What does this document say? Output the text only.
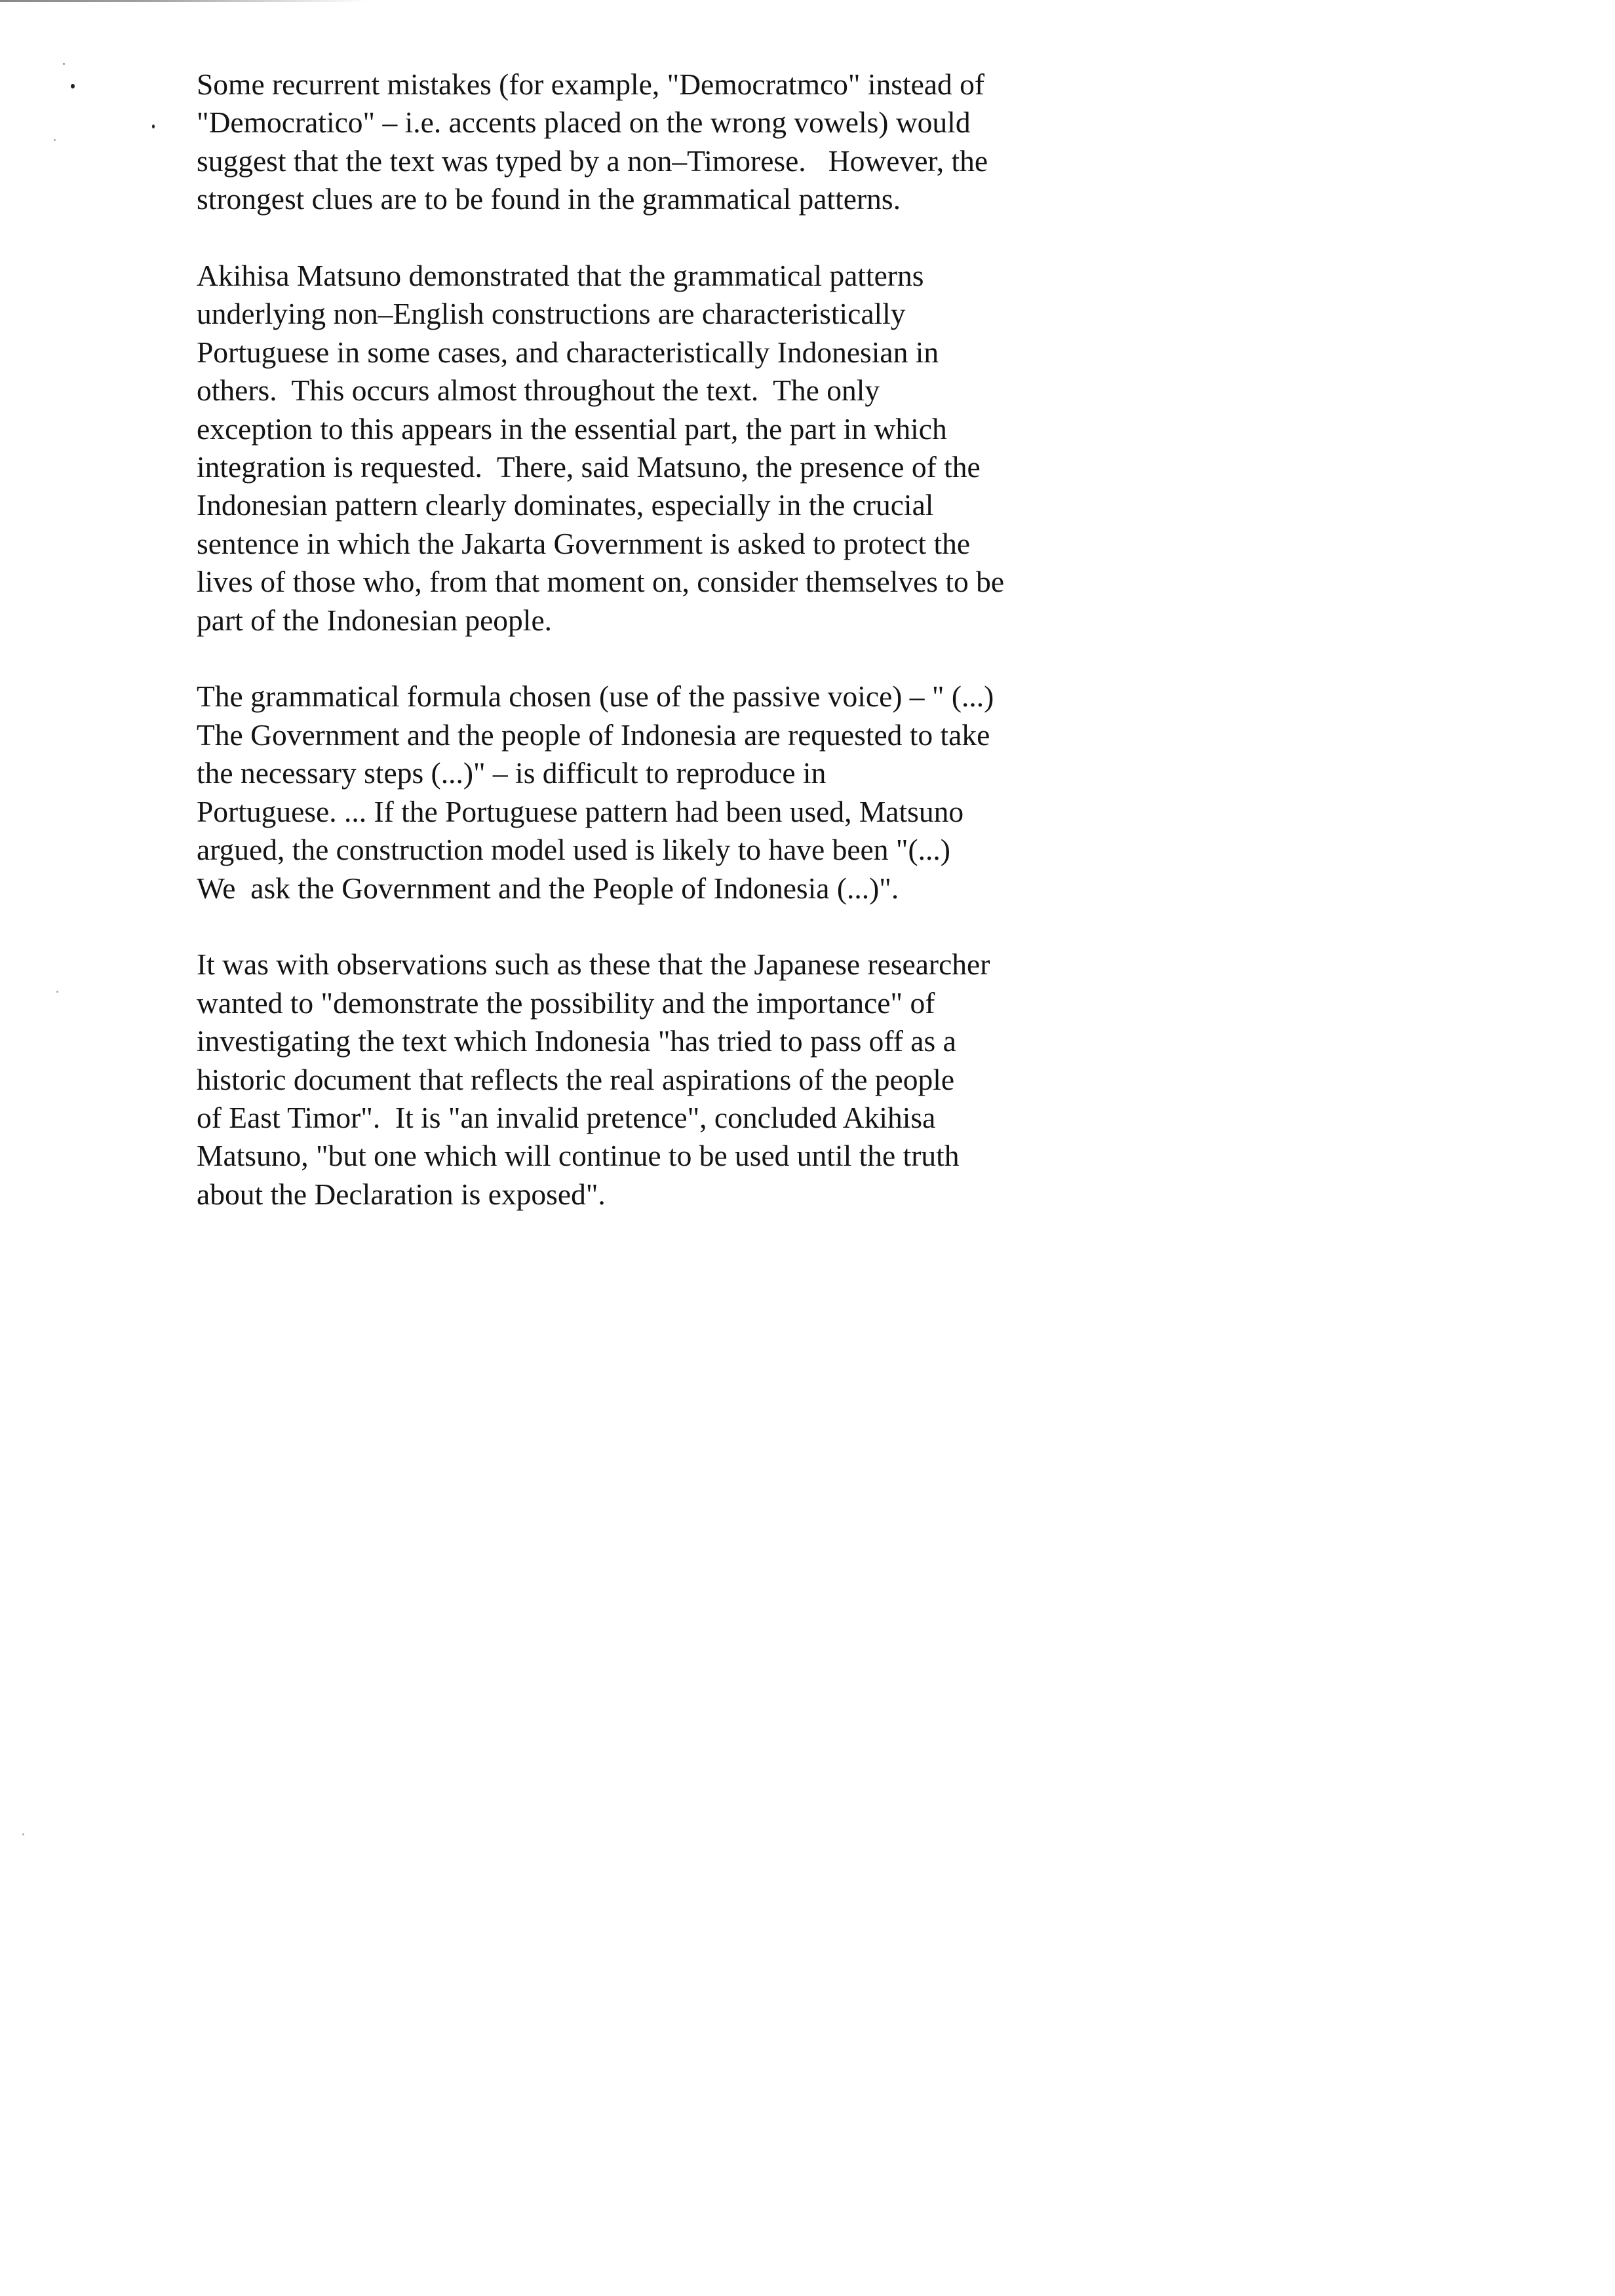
Some recurrent mistakes (for example, "Democratmco" instead of
"Democratico" – i.e. accents placed on the wrong vowels) would
suggest that the text was typed by a non–Timorese.   However, the
strongest clues are to be found in the grammatical patterns.

Akihisa Matsuno demonstrated that the grammatical patterns
underlying non–English constructions are characteristically
Portuguese in some cases, and characteristically Indonesian in
others.  This occurs almost throughout the text.  The only
exception to this appears in the essential part, the part in which
integration is requested.  There, said Matsuno, the presence of the
Indonesian pattern clearly dominates, especially in the crucial
sentence in which the Jakarta Government is asked to protect the
lives of those who, from that moment on, consider themselves to be
part of the Indonesian people.

The grammatical formula chosen (use of the passive voice) – " (...)
The Government and the people of Indonesia are requested to take
the necessary steps (...)" – is difficult to reproduce in
Portuguese. ... If the Portuguese pattern had been used, Matsuno
argued, the construction model used is likely to have been "(...)
We  ask the Government and the People of Indonesia (...)".

It was with observations such as these that the Japanese researcher
wanted to "demonstrate the possibility and the importance" of
investigating the text which Indonesia "has tried to pass off as a
historic document that reflects the real aspirations of the people
of East Timor".  It is "an invalid pretence", concluded Akihisa
Matsuno, "but one which will continue to be used until the truth
about the Declaration is exposed".
